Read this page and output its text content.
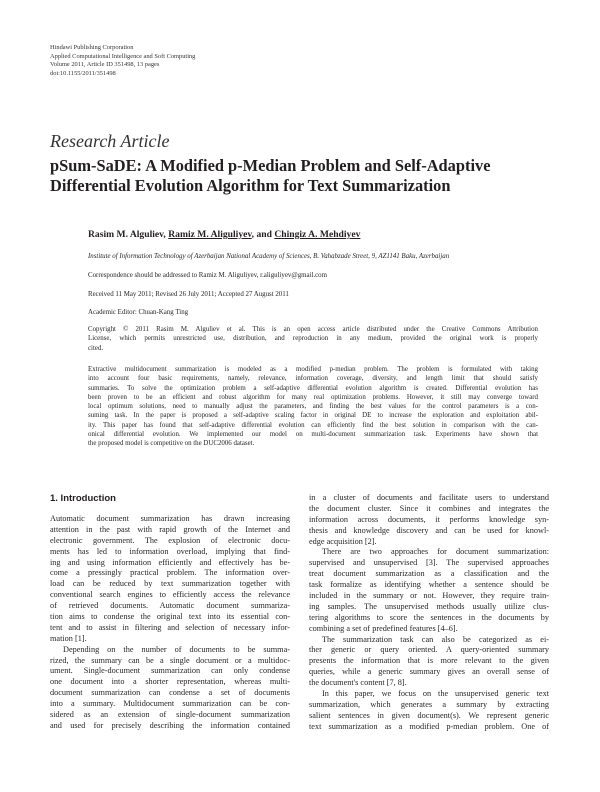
Hindawi Publishing Corporation
Applied Computational Intelligence and Soft Computing
Volume 2011, Article ID 351498, 13 pages
doi:10.1155/2011/351498
Research Article
pSum-SaDE: A Modified p-Median Problem and Self-Adaptive
Differential Evolution Algorithm for Text Summarization
Rasim M. Alguliev, Ramiz M. Aliguliyev, and Chingiz A. Mehdiyev
Institute of Information Technology of Azerbaijan National Academy of Sciences, B. Vahabzade Street, 9, AZ1141 Baku, Azerbaijan
Correspondence should be addressed to Ramiz M. Aliguliyev, r.aliguliyev@gmail.com
Received 11 May 2011; Revised 26 July 2011; Accepted 27 August 2011
Academic Editor: Chuan-Kang Ting
Copyright © 2011 Rasim M. Alguliev et al. This is an open access article distributed under the Creative Commons Attribution
License, which permits unrestricted use, distribution, and reproduction in any medium, provided the original work is properly
cited.
Extractive multidocument summarization is modeled as a modified p-median problem. The problem is formulated with taking
into account four basic requirements, namely, relevance, information coverage, diversity, and length limit that should satisfy
summaries. To solve the optimization problem a self-adaptive differential evolution algorithm is created. Differential evolution has
been proven to be an efficient and robust algorithm for many real optimization problems. However, it still may converge toward
local optimum solutions, need to manually adjust the parameters, and finding the best values for the control parameters is a con-
suming task. In the paper is proposed a self-adaptive scaling factor in original DE to increase the exploration and exploitation abil-
ity. This paper has found that self-adaptive differential evolution can efficiently find the best solution in comparison with the can-
onical differential evolution. We implemented our model on multi-document summarization task. Experiments have shown that
the proposed model is competitive on the DUC2006 dataset.
1. Introduction
Automatic document summarization has drawn increasing
attention in the past with rapid growth of the Internet and
electronic government. The explosion of electronic docu-
ments has led to information overload, implying that find-
ing and using information efficiently and effectively has be-
come a pressingly practical problem. The information over-
load can be reduced by text summarization together with
conventional search engines to efficiently access the relevance
of retrieved documents. Automatic document summariza-
tion aims to condense the original text into its essential con-
tent and to assist in filtering and selection of necessary infor-
mation [1].
Depending on the number of documents to be summa-
rized, the summary can be a single document or a multidoc-
ument. Single-document summarization can only condense
one document into a shorter representation, whereas multi-
document summarization can condense a set of documents
into a summary. Multidocument summarization can be con-
sidered as an extension of single-document summarization
and used for precisely describing the information contained
in a cluster of documents and facilitate users to understand
the document cluster. Since it combines and integrates the
information across documents, it performs knowledge syn-
thesis and knowledge discovery and can be used for knowl-
edge acquisition [2].
There are two approaches for document summarization:
supervised and unsupervised [3]. The supervised approaches
treat document summarization as a classification and the
task formalize as identifying whether a sentence should be
included in the summary or not. However, they require train-
ing samples. The unsupervised methods usually utilize clus-
tering algorithms to score the sentences in the documents by
combining a set of predefined features [4–6].
The summarization task can also be categorized as ei-
ther generic or query oriented. A query-oriented summary
presents the information that is more relevant to the given
queries, while a generic summary gives an overall sense of
the document's content [7, 8].
In this paper, we focus on the unsupervised generic text
summarization, which generates a summary by extracting
salient sentences in given document(s). We represent generic
text summarization as a modified p-median problem. One of
